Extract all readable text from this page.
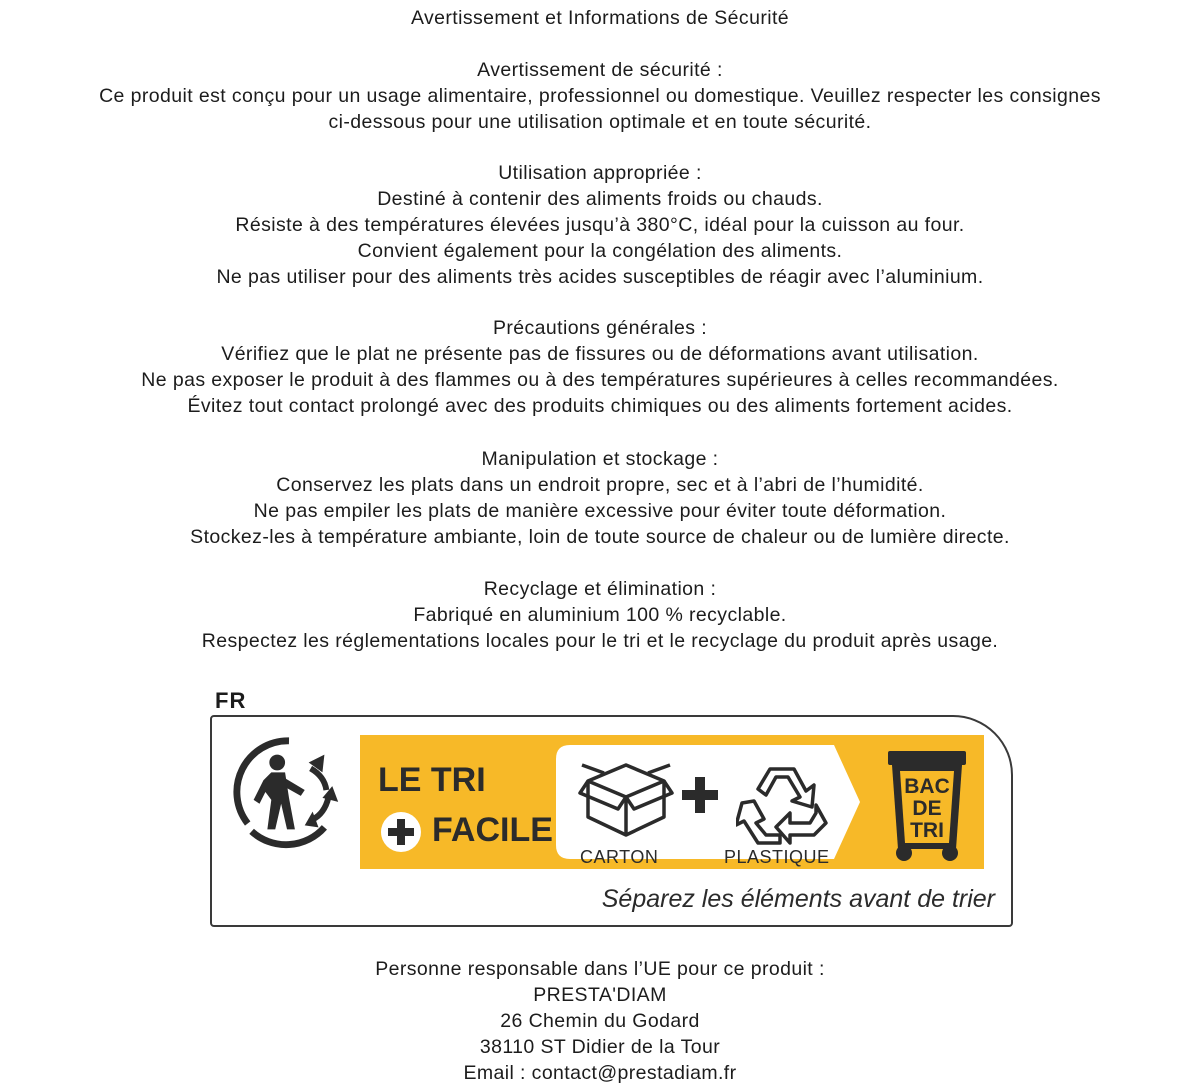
Avertissement et Informations de Sécurité
Avertissement de sécurité :
Ce produit est conçu pour un usage alimentaire, professionnel ou domestique. Veuillez respecter les consignes
ci-dessous pour une utilisation optimale et en toute sécurité.
Utilisation appropriée :
Destiné à contenir des aliments froids ou chauds.
Résiste à des températures élevées jusqu’à 380°C, idéal pour la cuisson au four.
Convient également pour la congélation des aliments.
Ne pas utiliser pour des aliments très acides susceptibles de réagir avec l’aluminium.
Précautions générales :
Vérifiez que le plat ne présente pas de fissures ou de déformations avant utilisation.
Ne pas exposer le produit à des flammes ou à des températures supérieures à celles recommandées.
Évitez tout contact prolongé avec des produits chimiques ou des aliments fortement acides.
Manipulation et stockage :
Conservez les plats dans un endroit propre, sec et à l’abri de l’humidité.
Ne pas empiler les plats de manière excessive pour éviter toute déformation.
Stockez-les à température ambiante, loin de toute source de chaleur ou de lumière directe.
Recyclage et élimination :
Fabriqué en aluminium 100 % recyclable.
Respectez les réglementations locales pour le tri et le recyclage du produit après usage.
FR
LE TRI
FACILE
CARTON	PLASTIQUE
BAC
DE
TRI
Séparez les éléments avant de trier
Personne responsable dans l’UE pour ce produit :
PRESTA'DIAM
26 Chemin du Godard
38110 ST Didier de la Tour
Email : contact@prestadiam.fr
